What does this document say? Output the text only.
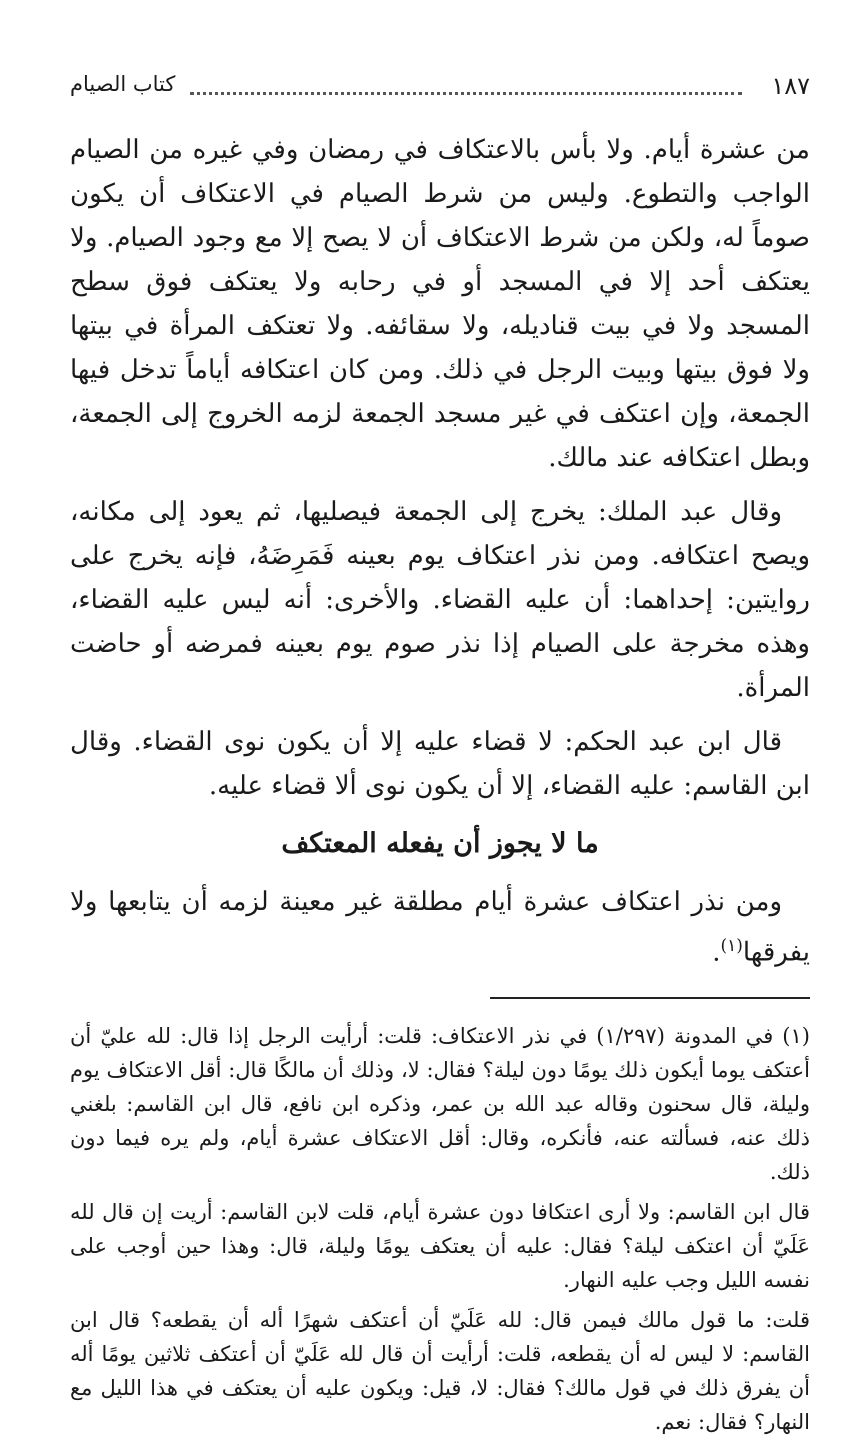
١٨٧
كتاب الصيام

من عشرة أيام. ولا بأس بالاعتكاف في رمضان وفي غيره من الصيام الواجب والتطوع. وليس من شرط الصيام في الاعتكاف أن يكون صوماً له، ولكن من شرط الاعتكاف أن لا يصح إلا مع وجود الصيام. ولا يعتكف أحد إلا في المسجد أو في رحابه ولا يعتكف فوق سطح المسجد ولا في بيت قناديله، ولا سقائفه. ولا تعتكف المرأة في بيتها ولا فوق بيتها وبيت الرجل في ذلك. ومن كان اعتكافه أياماً تدخل فيها الجمعة، وإن اعتكف في غير مسجد الجمعة لزمه الخروج إلى الجمعة، وبطل اعتكافه عند مالك.

وقال عبد الملك: يخرج إلى الجمعة فيصليها، ثم يعود إلى مكانه، ويصح اعتكافه. ومن نذر اعتكاف يوم بعينه فَمَرِضَهُ، فإنه يخرج على روايتين: إحداهما: أن عليه القضاء. والأخرى: أنه ليس عليه القضاء، وهذه مخرجة على الصيام إذا نذر صوم يوم بعينه فمرضه أو حاضت المرأة.

قال ابن عبد الحكم: لا قضاء عليه إلا أن يكون نوى القضاء. وقال ابن القاسم: عليه القضاء، إلا أن يكون نوى ألا قضاء عليه.

ما لا يجوز أن يفعله المعتكف

ومن نذر اعتكاف عشرة أيام مطلقة غير معينة لزمه أن يتابعها ولا يفرقها$^{(١)}$.

(١) في المدونة (١/٢٩٧) في نذر الاعتكاف: قلت: أرأيت الرجل إذا قال: لله عليّ أن أعتكف يوما أيكون ذلك يومًا دون ليلة؟ فقال: لا، وذلك أن مالكًا قال: أقل الاعتكاف يوم وليلة، قال سحنون وقاله عبد الله بن عمر، وذكره ابن نافع، قال ابن القاسم: بلغني ذلك عنه، فسألته عنه، فأنكره، وقال: أقل الاعتكاف عشرة أيام، ولم يره فيما دون ذلك.

قال ابن القاسم: ولا أرى اعتكافا دون عشرة أيام، قلت لابن القاسم: أريت إن قال لله عَلَيّ أن اعتكف ليلة؟ فقال: عليه أن يعتكف يومًا وليلة، قال: وهذا حين أوجب على نفسه الليل وجب عليه النهار.

قلت: ما قول مالك فيمن قال: لله عَلَيّ أن أعتكف شهرًا أله أن يقطعه؟ قال ابن القاسم: لا ليس له أن يقطعه، قلت: أرأيت أن قال لله عَلَيّ أن أعتكف ثلاثين يومًا أله أن يفرق ذلك في قول مالك؟ فقال: لا، قيل: ويكون عليه أن يعتكف في هذا الليل مع النهار؟ فقال: نعم.
